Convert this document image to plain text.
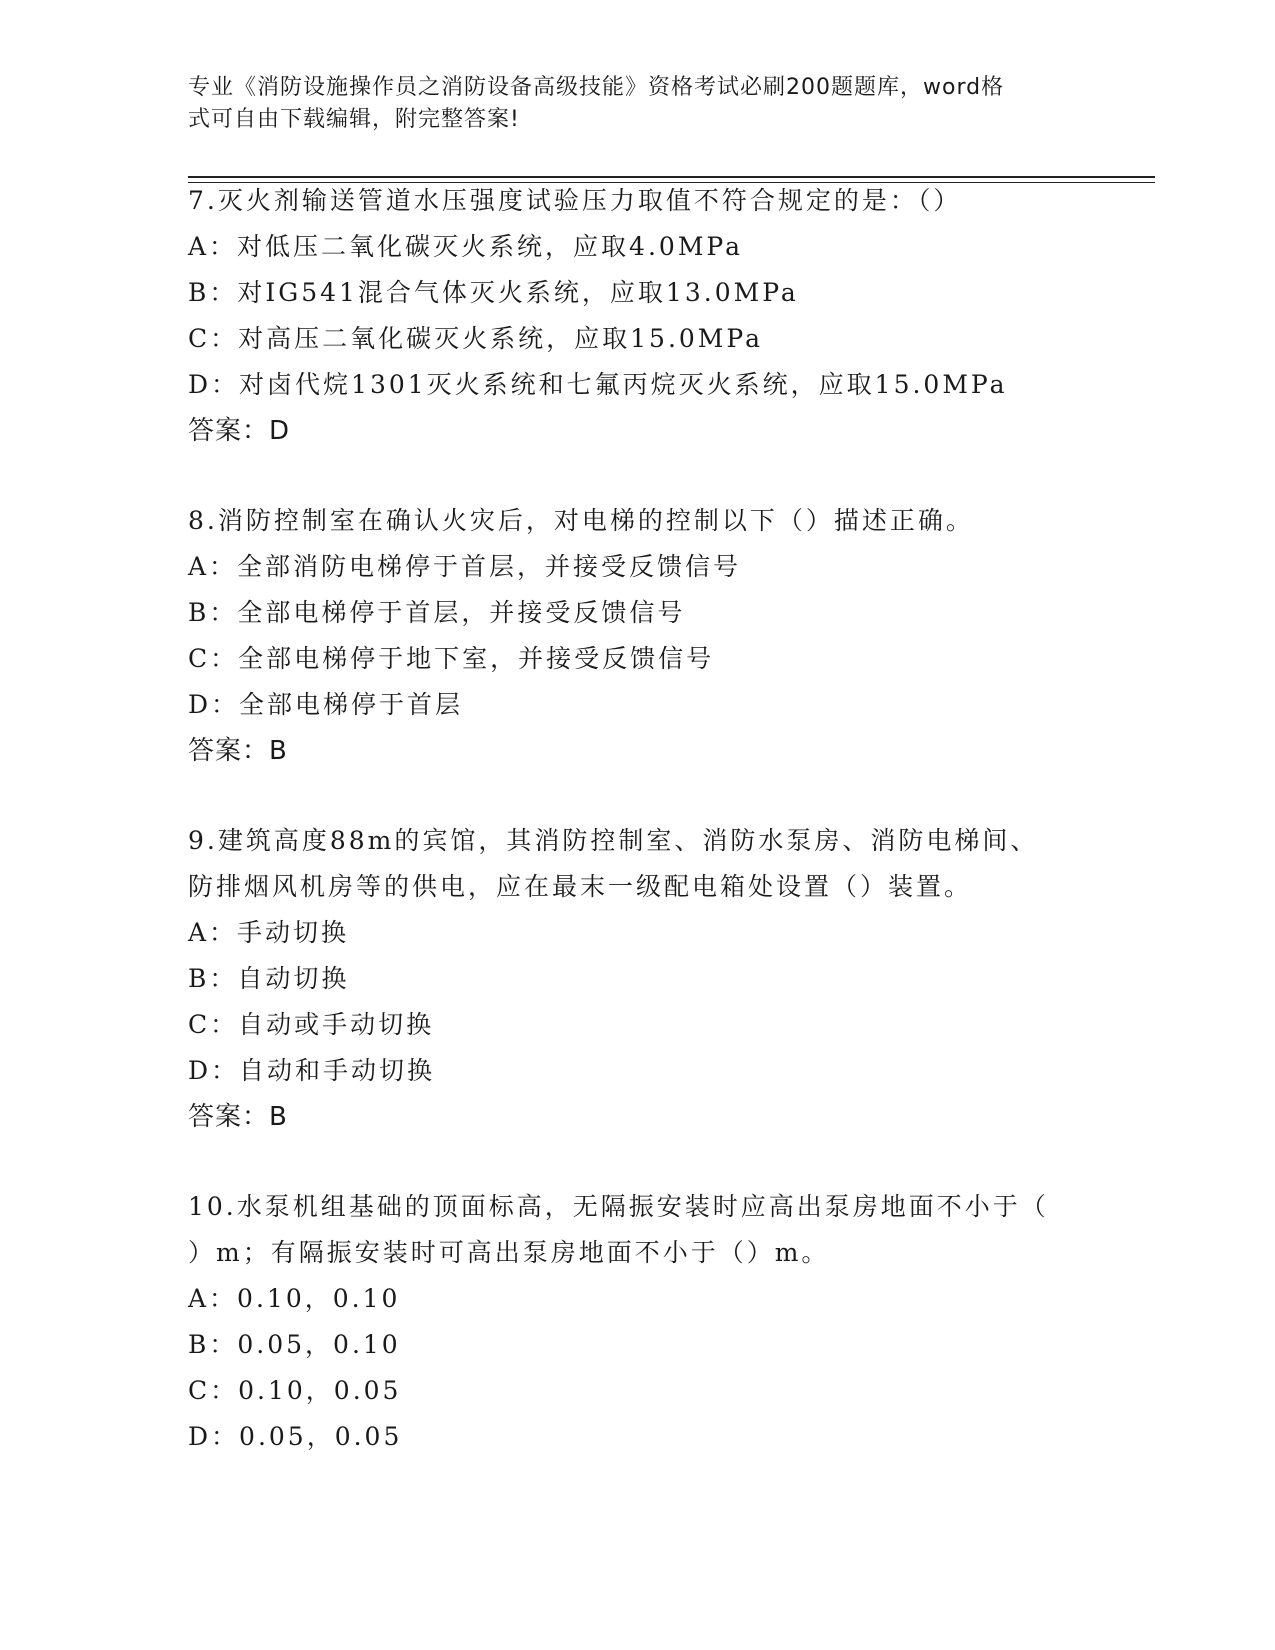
专业《消防设施操作员之消防设备高级技能》资格考试必刷200题题库，word格
式可自由下载编辑，附完整答案!
7.灭火剂输送管道水压强度试验压力取值不符合规定的是：（）
A：对低压二氧化碳灭火系统，应取4.0MPa
B：对IG541混合气体灭火系统，应取13.0MPa
C：对高压二氧化碳灭火系统，应取15.0MPa
D：对卤代烷1301灭火系统和七氟丙烷灭火系统，应取15.0MPa
答案：D
8.消防控制室在确认火灾后，对电梯的控制以下（）描述正确。
A：全部消防电梯停于首层，并接受反馈信号
B：全部电梯停于首层，并接受反馈信号
C：全部电梯停于地下室，并接受反馈信号
D：全部电梯停于首层
答案：B
9.建筑高度88m的宾馆，其消防控制室、消防水泵房、消防电梯间、
防排烟风机房等的供电，应在最末一级配电箱处设置（）装置。
A：手动切换
B：自动切换
C：自动或手动切换
D：自动和手动切换
答案：B
10.水泵机组基础的顶面标高，无隔振安装时应高出泵房地面不小于（
）m；有隔振安装时可高出泵房地面不小于（）m。
A：0.10，0.10
B：0.05，0.10
C：0.10，0.05
D：0.05，0.05
